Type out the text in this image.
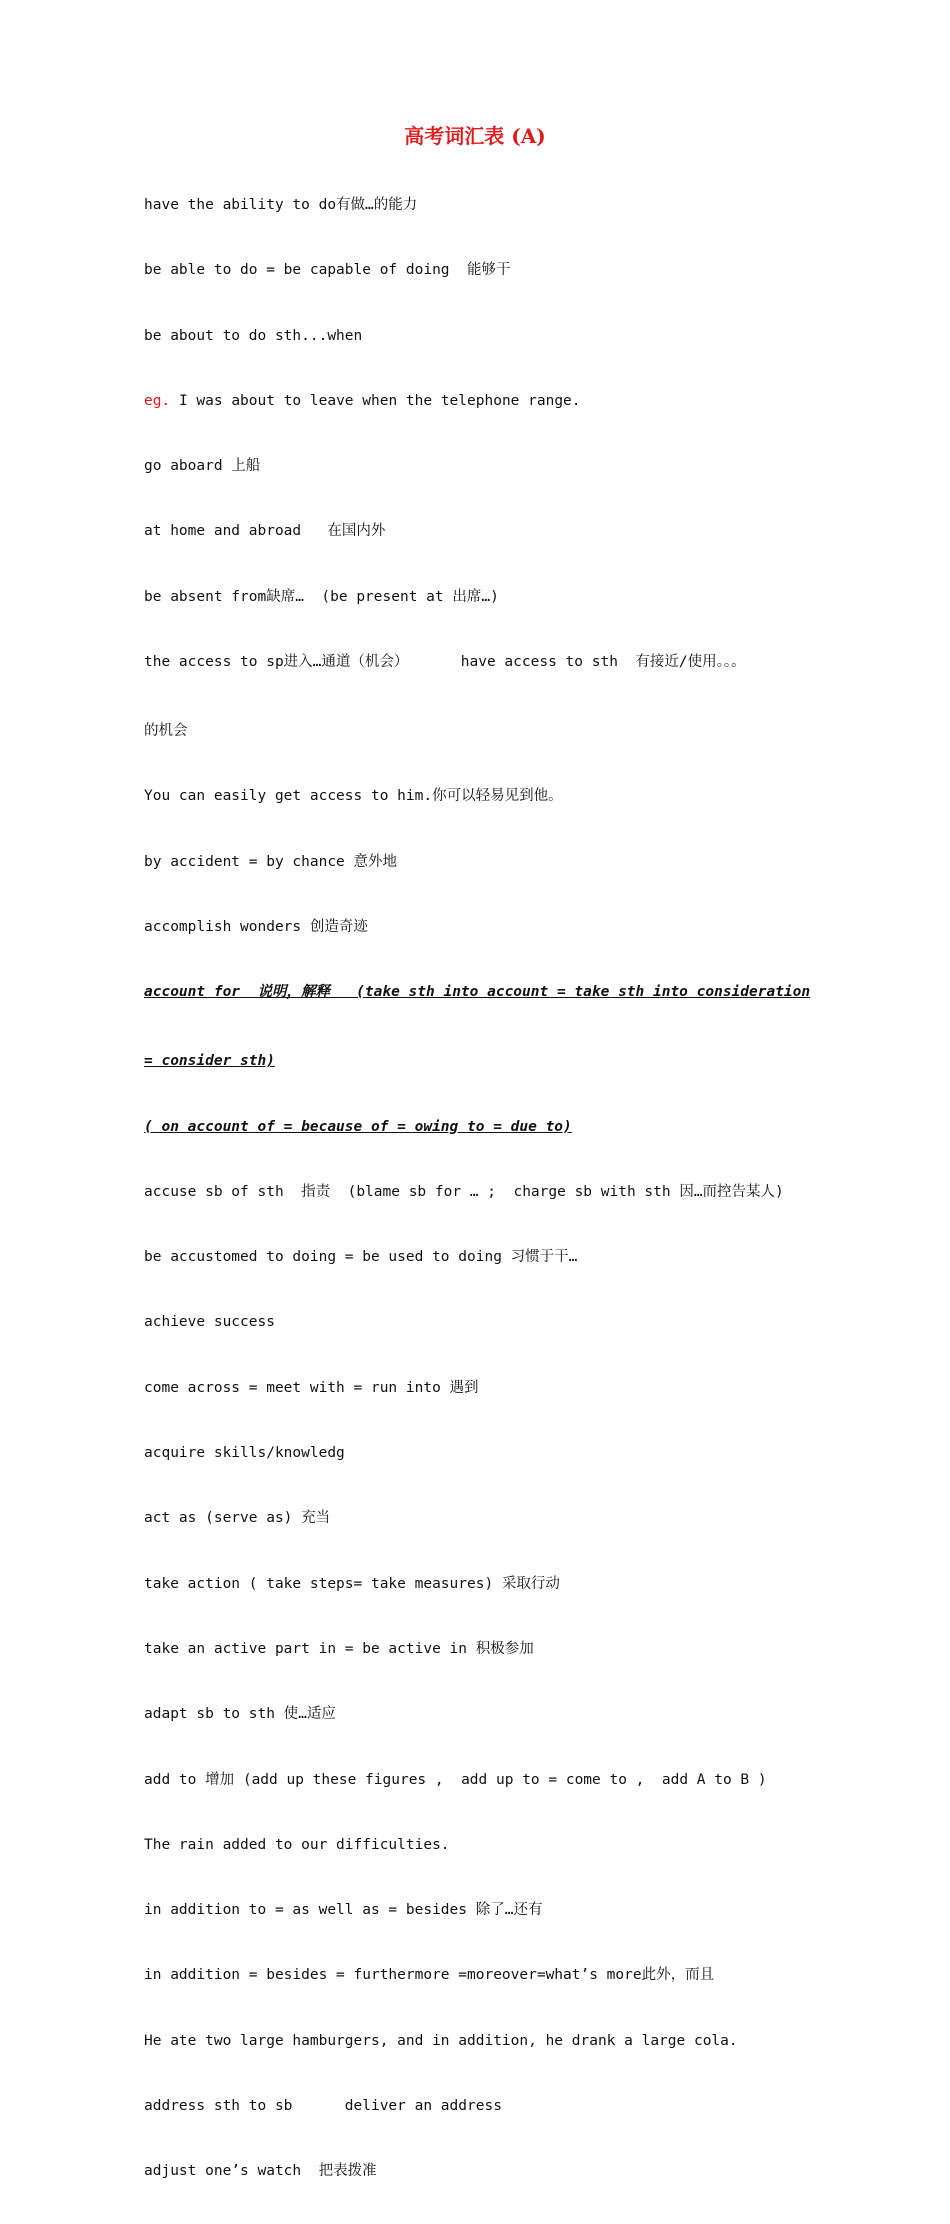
高考词汇表 (A)

have the ability to do有做…的能力

be able to do = be capable of doing  能够干

be about to do sth...when

eg. I was about to leave when the telephone range.

go aboard 上船

at home and abroad   在国内外

be absent from缺席…  (be present at 出席…)

the access to sp进入…通道（机会）      have access to sth  有接近/使用。。。

的机会

You can easily get access to him.你可以轻易见到他。

by accident = by chance 意外地

accomplish wonders 创造奇迹

account for  说明，解释   (take sth into account = take sth into consideration

= consider sth)

( on account of = because of = owing to = due to)

accuse sb of sth  指责  (blame sb for … ;  charge sb with sth 因…而控告某人)

be accustomed to doing = be used to doing 习惯于干…

achieve success

come across = meet with = run into 遇到

acquire skills/knowledg

act as (serve as) 充当

take action ( take steps= take measures) 采取行动

take an active part in = be active in 积极参加

adapt sb to sth 使…适应

add to 增加 (add up these figures ,  add up to = come to ,  add A to B )

The rain added to our difficulties.

in addition to = as well as = besides 除了…还有

in addition = besides = furthermore =moreover=what’s more此外，而且

He ate two large hamburgers, and in addition, he drank a large cola.

address sth to sb      deliver an address

adjust one’s watch  把表拨准
